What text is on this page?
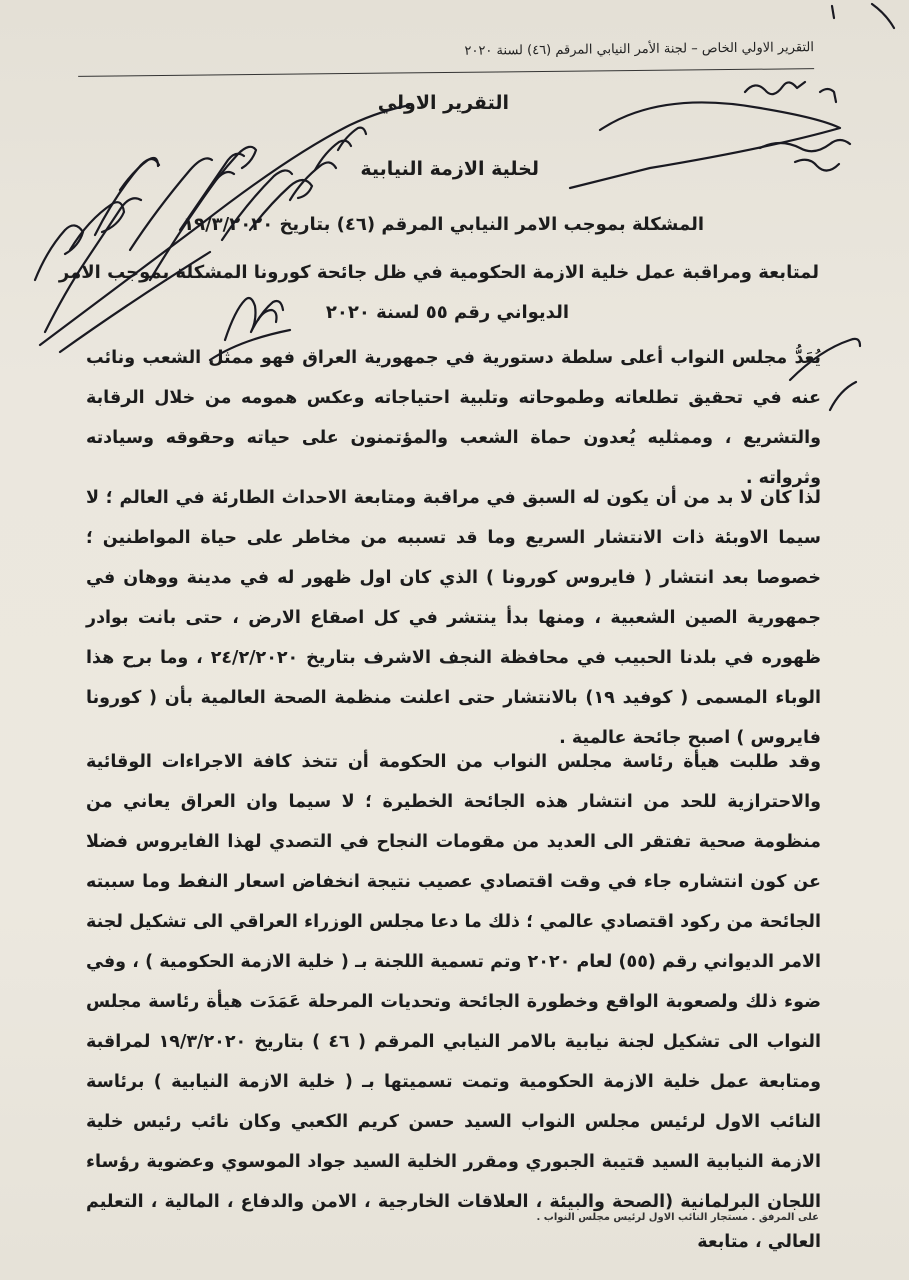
التقرير الاولي الخاص – لجنة الأمر النيابي المرقم (٤٦) لسنة ٢٠٢٠
التقرير الاولي
لخلية الازمة النيابية
المشكلة بموجب الامر النيابي المرقم (٤٦) بتاريخ ١٩/٣/٢٠٢٠
لمتابعة ومراقبة عمل خلية الازمة الحكومية في ظل جائحة كورونا المشكلة بموجب الامر
الديواني رقم ٥٥ لسنة ٢٠٢٠
يُعَدُّ مجلس النواب أعلى سلطة دستورية في جمهورية العراق فهو ممثل الشعب ونائب عنه في تحقيق تطلعاته وطموحاته وتلبية احتياجاته وعكس همومه من خلال الرقابة والتشريع ، وممثليه يُعدون حماة الشعب والمؤتمنون على حياته وحقوقه وسيادته وثرواته .
لذا كان لا بد من أن يكون له السبق في مراقبة ومتابعة الاحداث الطارئة في العالم ؛ لا سيما الاوبئة ذات الانتشار السريع وما قد تسببه من مخاطر على حياة المواطنين ؛ خصوصا بعد انتشار ( فايروس كورونا ) الذي كان اول ظهور له في مدينة ووهان في جمهورية الصين الشعبية ، ومنها بدأ ينتشر في كل اصقاع الارض ، حتى بانت بوادر ظهوره في بلدنا الحبيب في محافظة النجف الاشرف بتاريخ ٢٤/٢/٢٠٢٠ ، وما برح هذا الوباء المسمى ( كوفيد ١٩) بالانتشار حتى اعلنت منظمة الصحة العالمية بأن ( كورونا فايروس ) اصبح جائحة عالمية .
وقد طلبت هيأة رئاسة مجلس النواب من الحكومة أن تتخذ كافة الاجراءات الوقائية والاحترازية للحد من انتشار هذه الجائحة الخطيرة ؛ لا سيما وان العراق يعاني من منظومة صحية تفتقر الى العديد من مقومات النجاح في التصدي لهذا الفايروس فضلا عن كون انتشاره جاء في وقت اقتصادي عصيب نتيجة انخفاض اسعار النفط وما سببته الجائحة من ركود اقتصادي عالمي ؛ ذلك ما دعا مجلس الوزراء العراقي الى تشكيل لجنة الامر الديواني رقم (٥٥) لعام ٢٠٢٠ وتم تسمية اللجنة بـ ( خلية الازمة الحكومية ) ، وفي ضوء ذلك ولصعوبة الواقع وخطورة الجائحة وتحديات المرحلة عَمَدَت هيأة رئاسة مجلس النواب الى تشكيل لجنة نيابية بالامر النيابي المرقم ( ٤٦ ) بتاريخ ١٩/٣/٢٠٢٠ لمراقبة ومتابعة عمل خلية الازمة الحكومية وتمت تسميتها بـ ( خلية الازمة النيابية ) برئاسة النائب الاول لرئيس مجلس النواب السيد حسن كريم الكعبي وكان نائب رئيس خلية الازمة النيابية السيد قتيبة الجبوري ومقرر الخلية السيد جواد الموسوي وعضوية رؤساء اللجان البرلمانية (الصحة والبيئة ، العلاقات الخارجية ، الامن والدفاع ، المالية ، التعليم العالي ، متابعة
على المرفق . مستجار النائب الاول لرئيس مجلس النواب .
